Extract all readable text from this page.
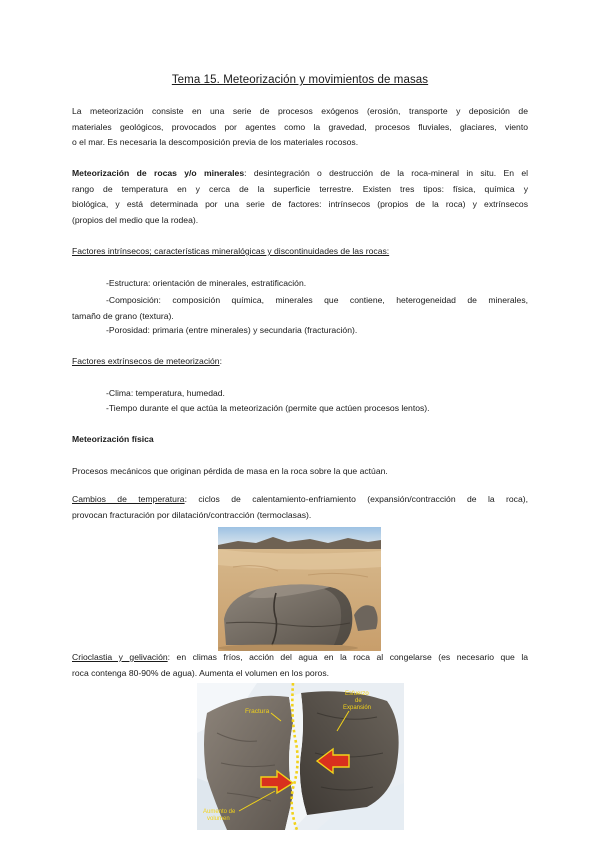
Tema 15. Meteorización y movimientos de masas

La meteorización consiste en una serie de procesos exógenos (erosión, transporte y deposición de
materiales geológicos, provocados por agentes como la gravedad, procesos fluviales, glaciares, viento
o el mar. Es necesaria la descomposición previa de los materiales rocosos.

Meteorización de rocas y/o minerales: desintegración o destrucción de la roca-mineral in situ. En el
rango de temperatura en y cerca de la superficie terrestre. Existen tres tipos: física, química y
biológica, y está determinada por una serie de factores: intrínsecos (propios de la roca) y extrínsecos
(propios del medio que la rodea).

Factores intrínsecos; características mineralógicas y discontinuidades de las rocas:
-Estructura: orientación de minerales, estratificación.

-Composición: composición química, minerales que contiene, heterogeneidad de minerales,
tamaño de grano (textura).

-Porosidad: primaria (entre minerales) y secundaria (fracturación).
Factores extrínsecos de meteorización:
-Clima: temperatura, humedad.
-Tiempo durante el que actúa la meteorización (permite que actúen procesos lentos).
Meteorización física
Procesos mecánicos que originan pérdida de masa en la roca sobre la que actúan.

Cambios de temperatura: ciclos de calentamiento-enfriamiento (expansión/contracción de la roca),
provocan fracturación por dilatación/contracción (termoclasas).

Crioclastia y gelivación: en climas fríos, acción del agua en la roca al congelarse (es necesario que la
roca contenga 80-90% de agua). Aumenta el volumen en los poros.

Fractura
Esfuerzo
de
Expansión
Aumento de
volumen
